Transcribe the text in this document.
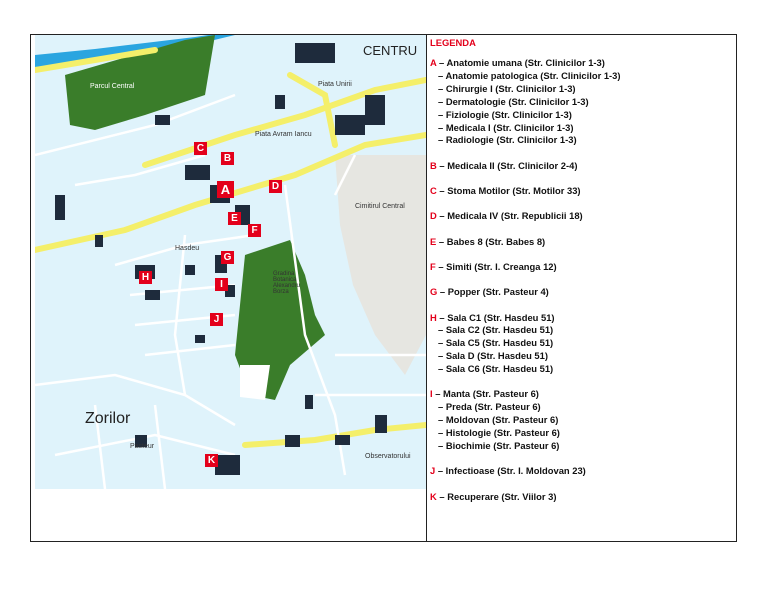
CENTRU
Zorilor
Parcul Central
Cimitirul Central
Gradina Botanica Alexandru Borza
Piata Unirii
Piata Avram Iancu
Hasdeu
Pasteur
Observatorului
A
B
C
D
E
F
G
H
I
J
K
LEGENDA
A – Anatomie umana (Str. Clinicilor 1-3)
– Anatomie patologica (Str. Clinicilor 1-3)
– Chirurgie I (Str. Clinicilor 1-3)
– Dermatologie (Str. Clinicilor 1-3)
– Fiziologie (Str. Clinicilor 1-3)
– Medicala I (Str. Clinicilor 1-3)
– Radiologie (Str. Clinicilor 1-3)
B – Medicala II (Str. Clinicilor 2-4)
C – Stoma Motilor (Str. Motilor 33)
D – Medicala IV (Str. Republicii 18)
E – Babes 8 (Str. Babes 8)
F – Simiti (Str. I. Creanga 12)
G – Popper (Str. Pasteur 4)
H – Sala C1 (Str. Hasdeu 51)
– Sala C2 (Str. Hasdeu 51)
– Sala C5 (Str. Hasdeu 51)
– Sala D (Str. Hasdeu 51)
– Sala C6 (Str. Hasdeu 51)
I – Manta (Str. Pasteur 6)
– Preda (Str. Pasteur 6)
– Moldovan (Str. Pasteur 6)
– Histologie (Str. Pasteur 6)
– Biochimie (Str. Pasteur 6)
J – Infectioase (Str. I. Moldovan 23)
K – Recuperare (Str. Viilor 3)
